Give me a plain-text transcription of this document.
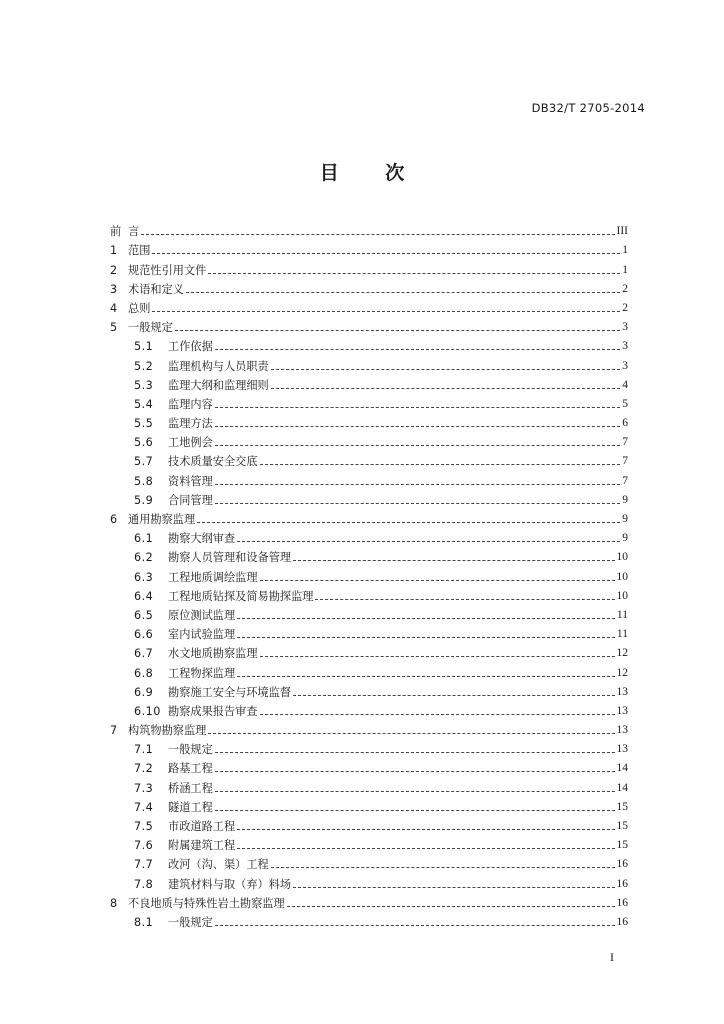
DB32/T 2705-2014
目 次
前 言	III
1 范围	1
2 规范性引用文件	1
3 术语和定义	2
4 总则	2
5 一般规定	3
5.1	工作依据	3
5.2	监理机构与人员职责	3
5.3	监理大纲和监理细则	4
5.4	监理内容	5
5.5	监理方法	6
5.6	工地例会	7
5.7	技术质量安全交底	7
5.8	资料管理	7
5.9	合同管理	9
6 通用勘察监理	9
6.1	勘察大纲审查	9
6.2	勘察人员管理和设备管理	10
6.3	工程地质调绘监理	10
6.4	工程地质钻探及简易勘探监理	10
6.5	原位测试监理	11
6.6	室内试验监理	11
6.7	水文地质勘察监理	12
6.8	工程物探监理	12
6.9	勘察施工安全与环境监督	13
6.10 勘察成果报告审查	13
7 构筑物勘察监理	13
7.1	一般规定	13
7.2	路基工程	14
7.3	桥涵工程	14
7.4	隧道工程	15
7.5	市政道路工程	15
7.6	附属建筑工程	15
7.7	改河（沟、渠）工程	16
7.8	建筑材料与取（弃）料场	16
8 不良地质与特殊性岩土勘察监理	16
8.1	一般规定	16
I
